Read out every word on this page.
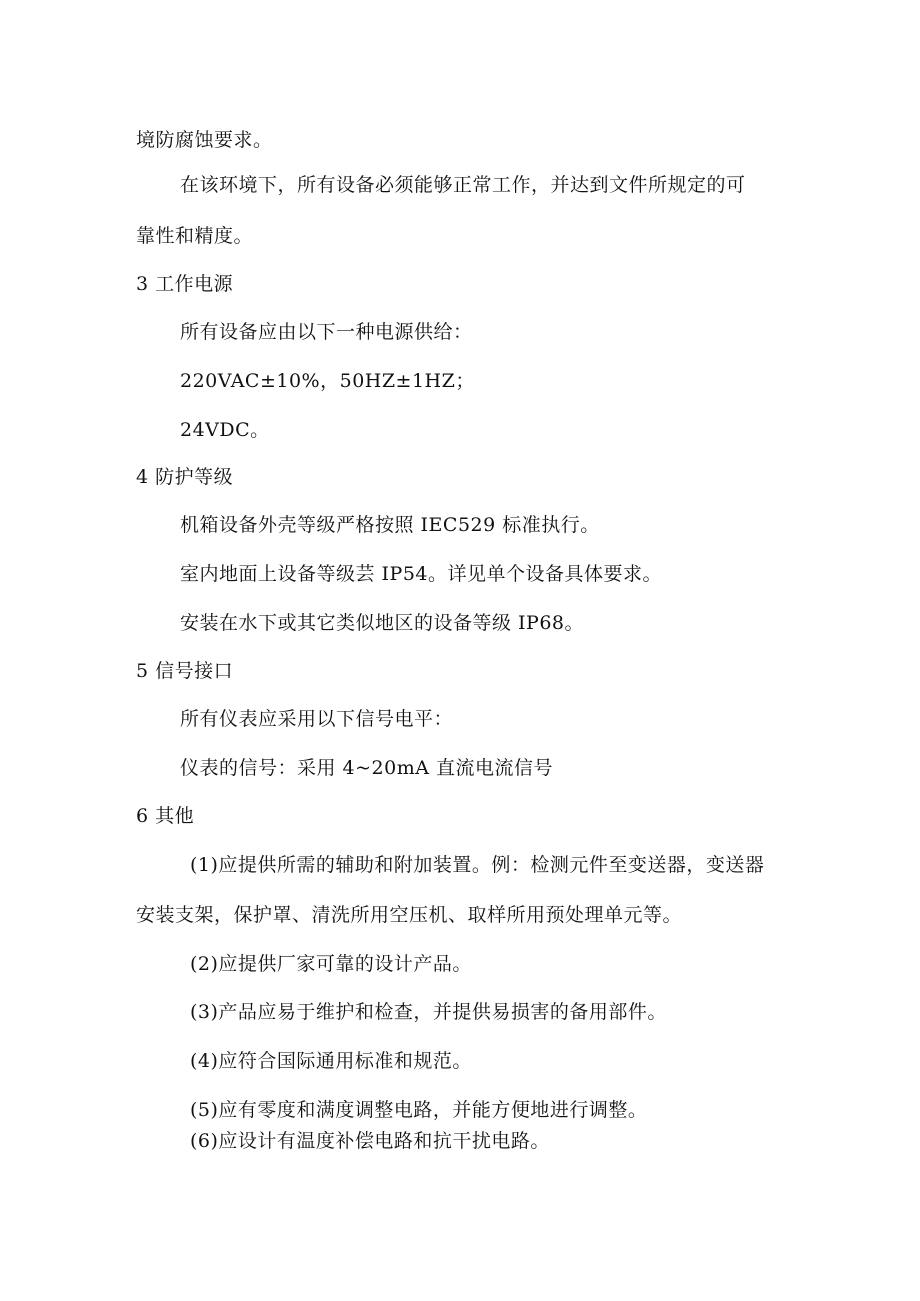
境防腐蚀要求。
在该环境下，所有设备必须能够正常工作，并达到文件所规定的可
靠性和精度。
3 工作电源
所有设备应由以下一种电源供给：
220VAC±10%，50HZ±1HZ；
24VDC。
4 防护等级
机箱设备外壳等级严格按照 IEC529 标准执行。
室内地面上设备等级芸 IP54。详见单个设备具体要求。
安装在水下或其它类似地区的设备等级 IP68。
5 信号接口
所有仪表应采用以下信号电平：
仪表的信号：采用 4~20mA 直流电流信号
6 其他
(1)应提供所需的辅助和附加装置。例：检测元件至变送器，变送器
安装支架，保护罩、清洗所用空压机、取样所用预处理单元等。
(2)应提供厂家可靠的设计产品。
(3)产品应易于维护和检查，并提供易损害的备用部件。
(4)应符合国际通用标准和规范。
(5)应有零度和满度调整电路，并能方便地进行调整。
(6)应设计有温度补偿电路和抗干扰电路。
